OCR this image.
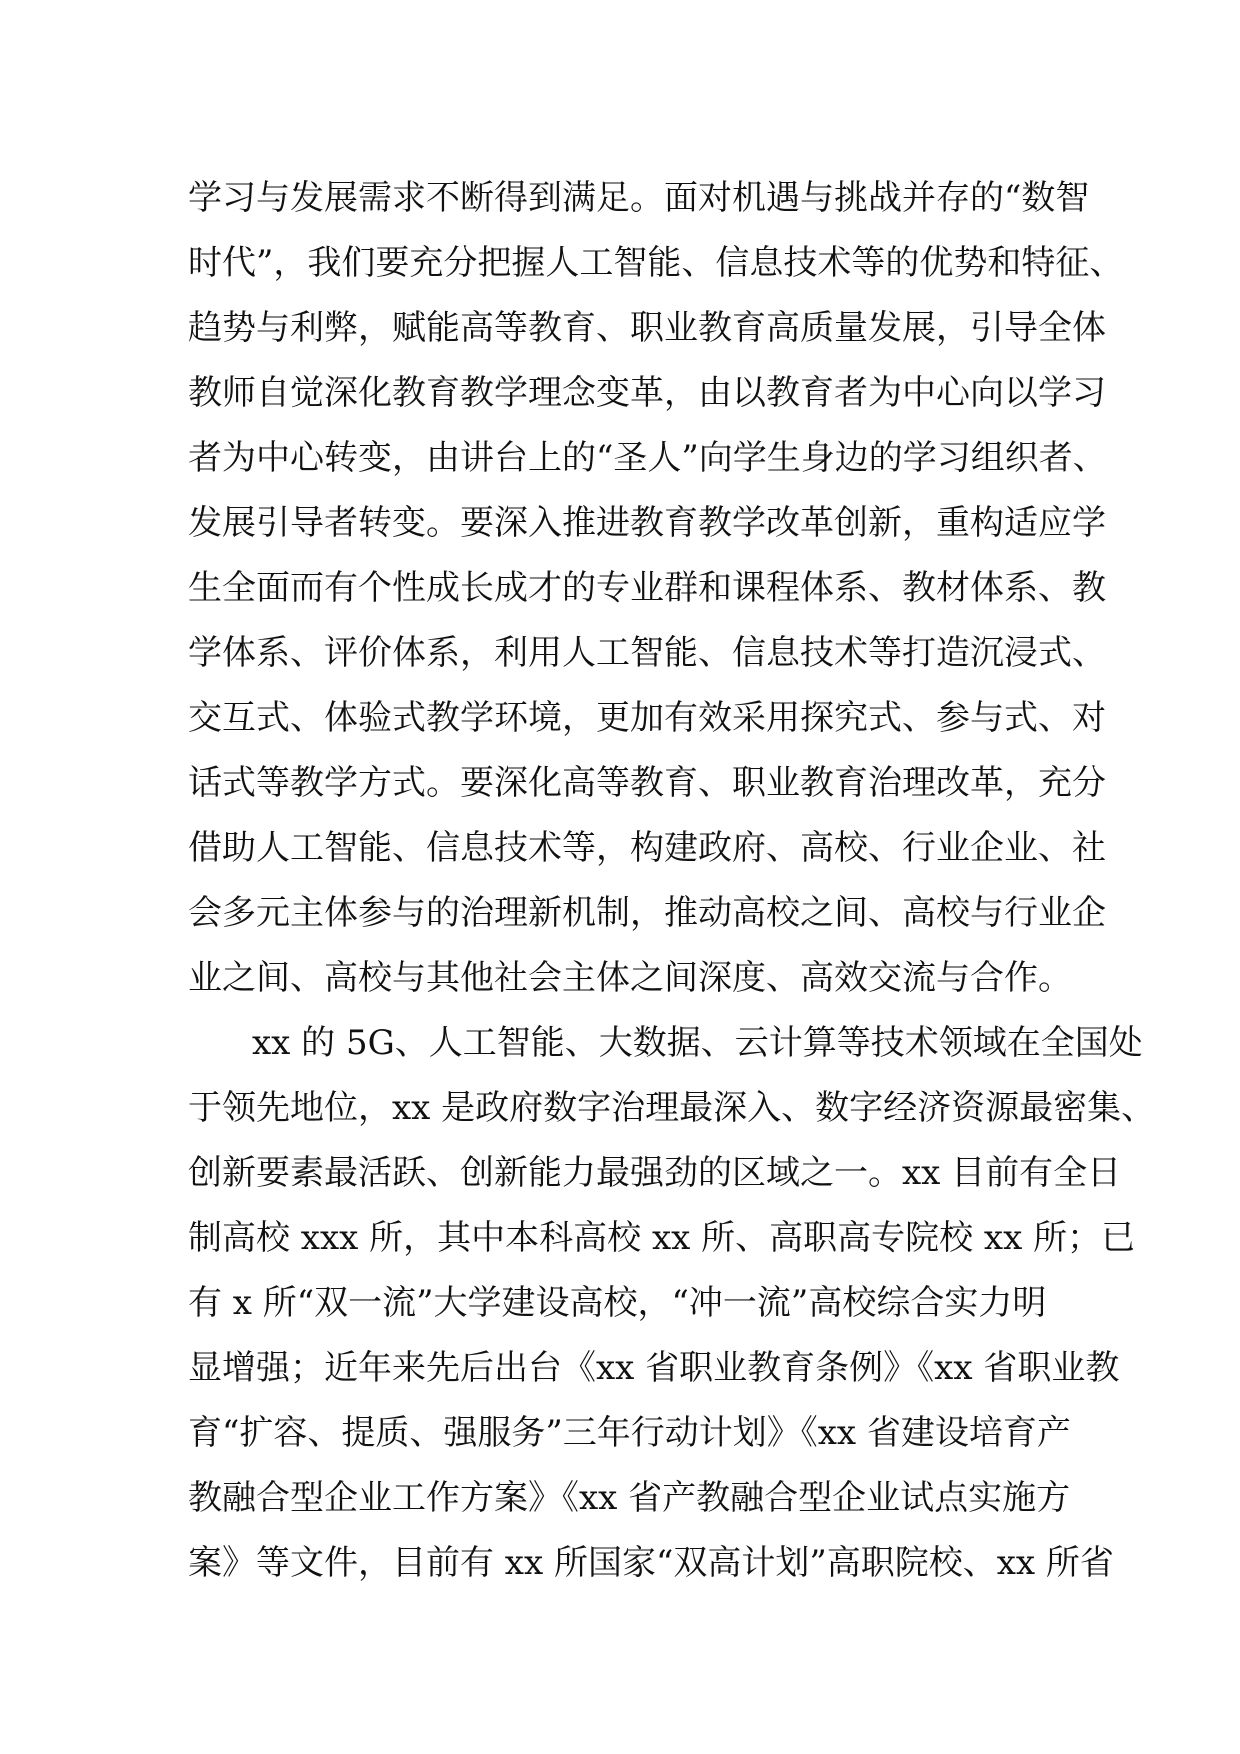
学习与发展需求不断得到满足。面对机遇与挑战并存的“数智
时代”，我们要充分把握人工智能、信息技术等的优势和特征、
趋势与利弊，赋能高等教育、职业教育高质量发展，引导全体
教师自觉深化教育教学理念变革，由以教育者为中心向以学习
者为中心转变，由讲台上的“圣人”向学生身边的学习组织者、
发展引导者转变。要深入推进教育教学改革创新，重构适应学
生全面而有个性成长成才的专业群和课程体系、教材体系、教
学体系、评价体系，利用人工智能、信息技术等打造沉浸式、
交互式、体验式教学环境，更加有效采用探究式、参与式、对
话式等教学方式。要深化高等教育、职业教育治理改革，充分
借助人工智能、信息技术等，构建政府、高校、行业企业、社
会多元主体参与的治理新机制，推动高校之间、高校与行业企
业之间、高校与其他社会主体之间深度、高效交流与合作。
xx 的 5G、人工智能、大数据、云计算等技术领域在全国处
于领先地位，xx 是政府数字治理最深入、数字经济资源最密集、
创新要素最活跃、创新能力最强劲的区域之一。xx 目前有全日
制高校 xxx 所，其中本科高校 xx 所、高职高专院校 xx 所；已
有 x 所“双一流”大学建设高校，“冲一流”高校综合实力明
显增强；近年来先后出台《xx 省职业教育条例》《xx 省职业教
育“扩容、提质、强服务”三年行动计划》《xx 省建设培育产
教融合型企业工作方案》《xx 省产教融合型企业试点实施方
案》等文件，目前有 xx 所国家“双高计划”高职院校、xx 所省
